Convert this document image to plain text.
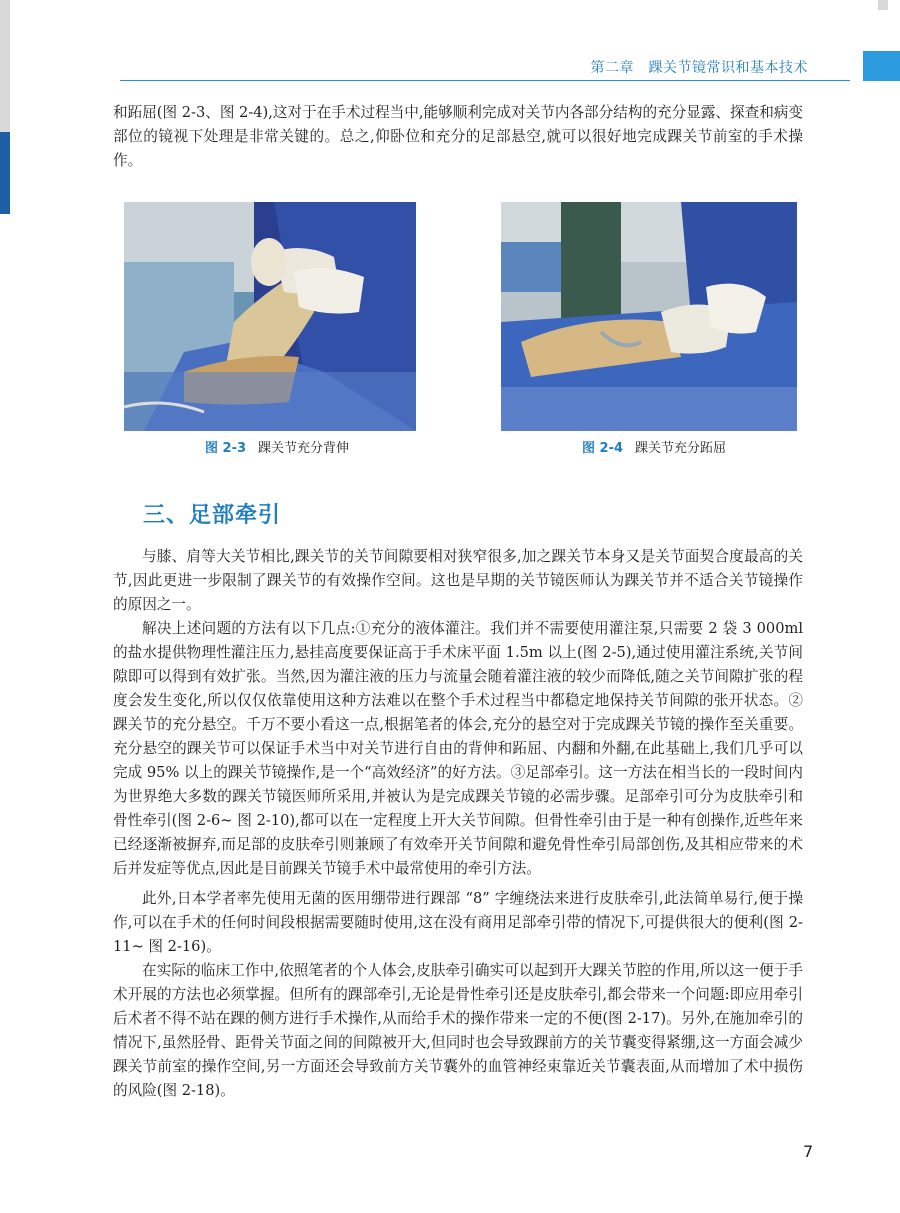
第二章　踝关节镜常识和基本技术

和跖屈(图 2-3、图 2-4),这对于在手术过程当中,能够顺利完成对关节内各部分结构的充分显露、探查和病变部位的镜视下处理是非常关键的。总之,仰卧位和充分的足部悬空,就可以很好地完成踝关节前室的手术操作。

图 2-3 踝关节充分背伸	图 2-4 踝关节充分跖屈
三、足部牵引

与膝、肩等大关节相比,踝关节的关节间隙要相对狭窄很多,加之踝关节本身又是关节面契合度最高的关节,因此更进一步限制了踝关节的有效操作空间。这也是早期的关节镜医师认为踝关节并不适合关节镜操作的原因之一。

解决上述问题的方法有以下几点:①充分的液体灌注。我们并不需要使用灌注泵,只需要 2 袋 3 000ml 的盐水提供物理性灌注压力,悬挂高度要保证高于手术床平面 1.5m 以上(图 2-5),通过使用灌注系统,关节间隙即可以得到有效扩张。当然,因为灌注液的压力与流量会随着灌注液的较少而降低,随之关节间隙扩张的程度会发生变化,所以仅仅依靠使用这种方法难以在整个手术过程当中都稳定地保持关节间隙的张开状态。②踝关节的充分悬空。千万不要小看这一点,根据笔者的体会,充分的悬空对于完成踝关节镜的操作至关重要。充分悬空的踝关节可以保证手术当中对关节进行自由的背伸和跖屈、内翻和外翻,在此基础上,我们几乎可以完成 95% 以上的踝关节镜操作,是一个“高效经济”的好方法。③足部牵引。这一方法在相当长的一段时间内为世界绝大多数的踝关节镜医师所采用,并被认为是完成踝关节镜的必需步骤。足部牵引可分为皮肤牵引和骨性牵引(图 2-6~ 图 2-10),都可以在一定程度上开大关节间隙。但骨性牵引由于是一种有创操作,近些年来已经逐渐被摒弃,而足部的皮肤牵引则兼顾了有效牵开关节间隙和避免骨性牵引局部创伤,及其相应带来的术后并发症等优点,因此是目前踝关节镜手术中最常使用的牵引方法。

此外,日本学者率先使用无菌的医用绷带进行踝部 “8” 字缠绕法来进行皮肤牵引,此法简单易行,便于操作,可以在手术的任何时间段根据需要随时使用,这在没有商用足部牵引带的情况下,可提供很大的便利(图 2-11~ 图 2-16)。

在实际的临床工作中,依照笔者的个人体会,皮肤牵引确实可以起到开大踝关节腔的作用,所以这一便于手术开展的方法也必须掌握。但所有的踝部牵引,无论是骨性牵引还是皮肤牵引,都会带来一个问题:即应用牵引后术者不得不站在踝的侧方进行手术操作,从而给手术的操作带来一定的不便(图 2-17)。另外,在施加牵引的情况下,虽然胫骨、距骨关节面之间的间隙被开大,但同时也会导致踝前方的关节囊变得紧绷,这一方面会减少踝关节前室的操作空间,另一方面还会导致前方关节囊外的血管神经束靠近关节囊表面,从而增加了术中损伤的风险(图 2-18)。

7
